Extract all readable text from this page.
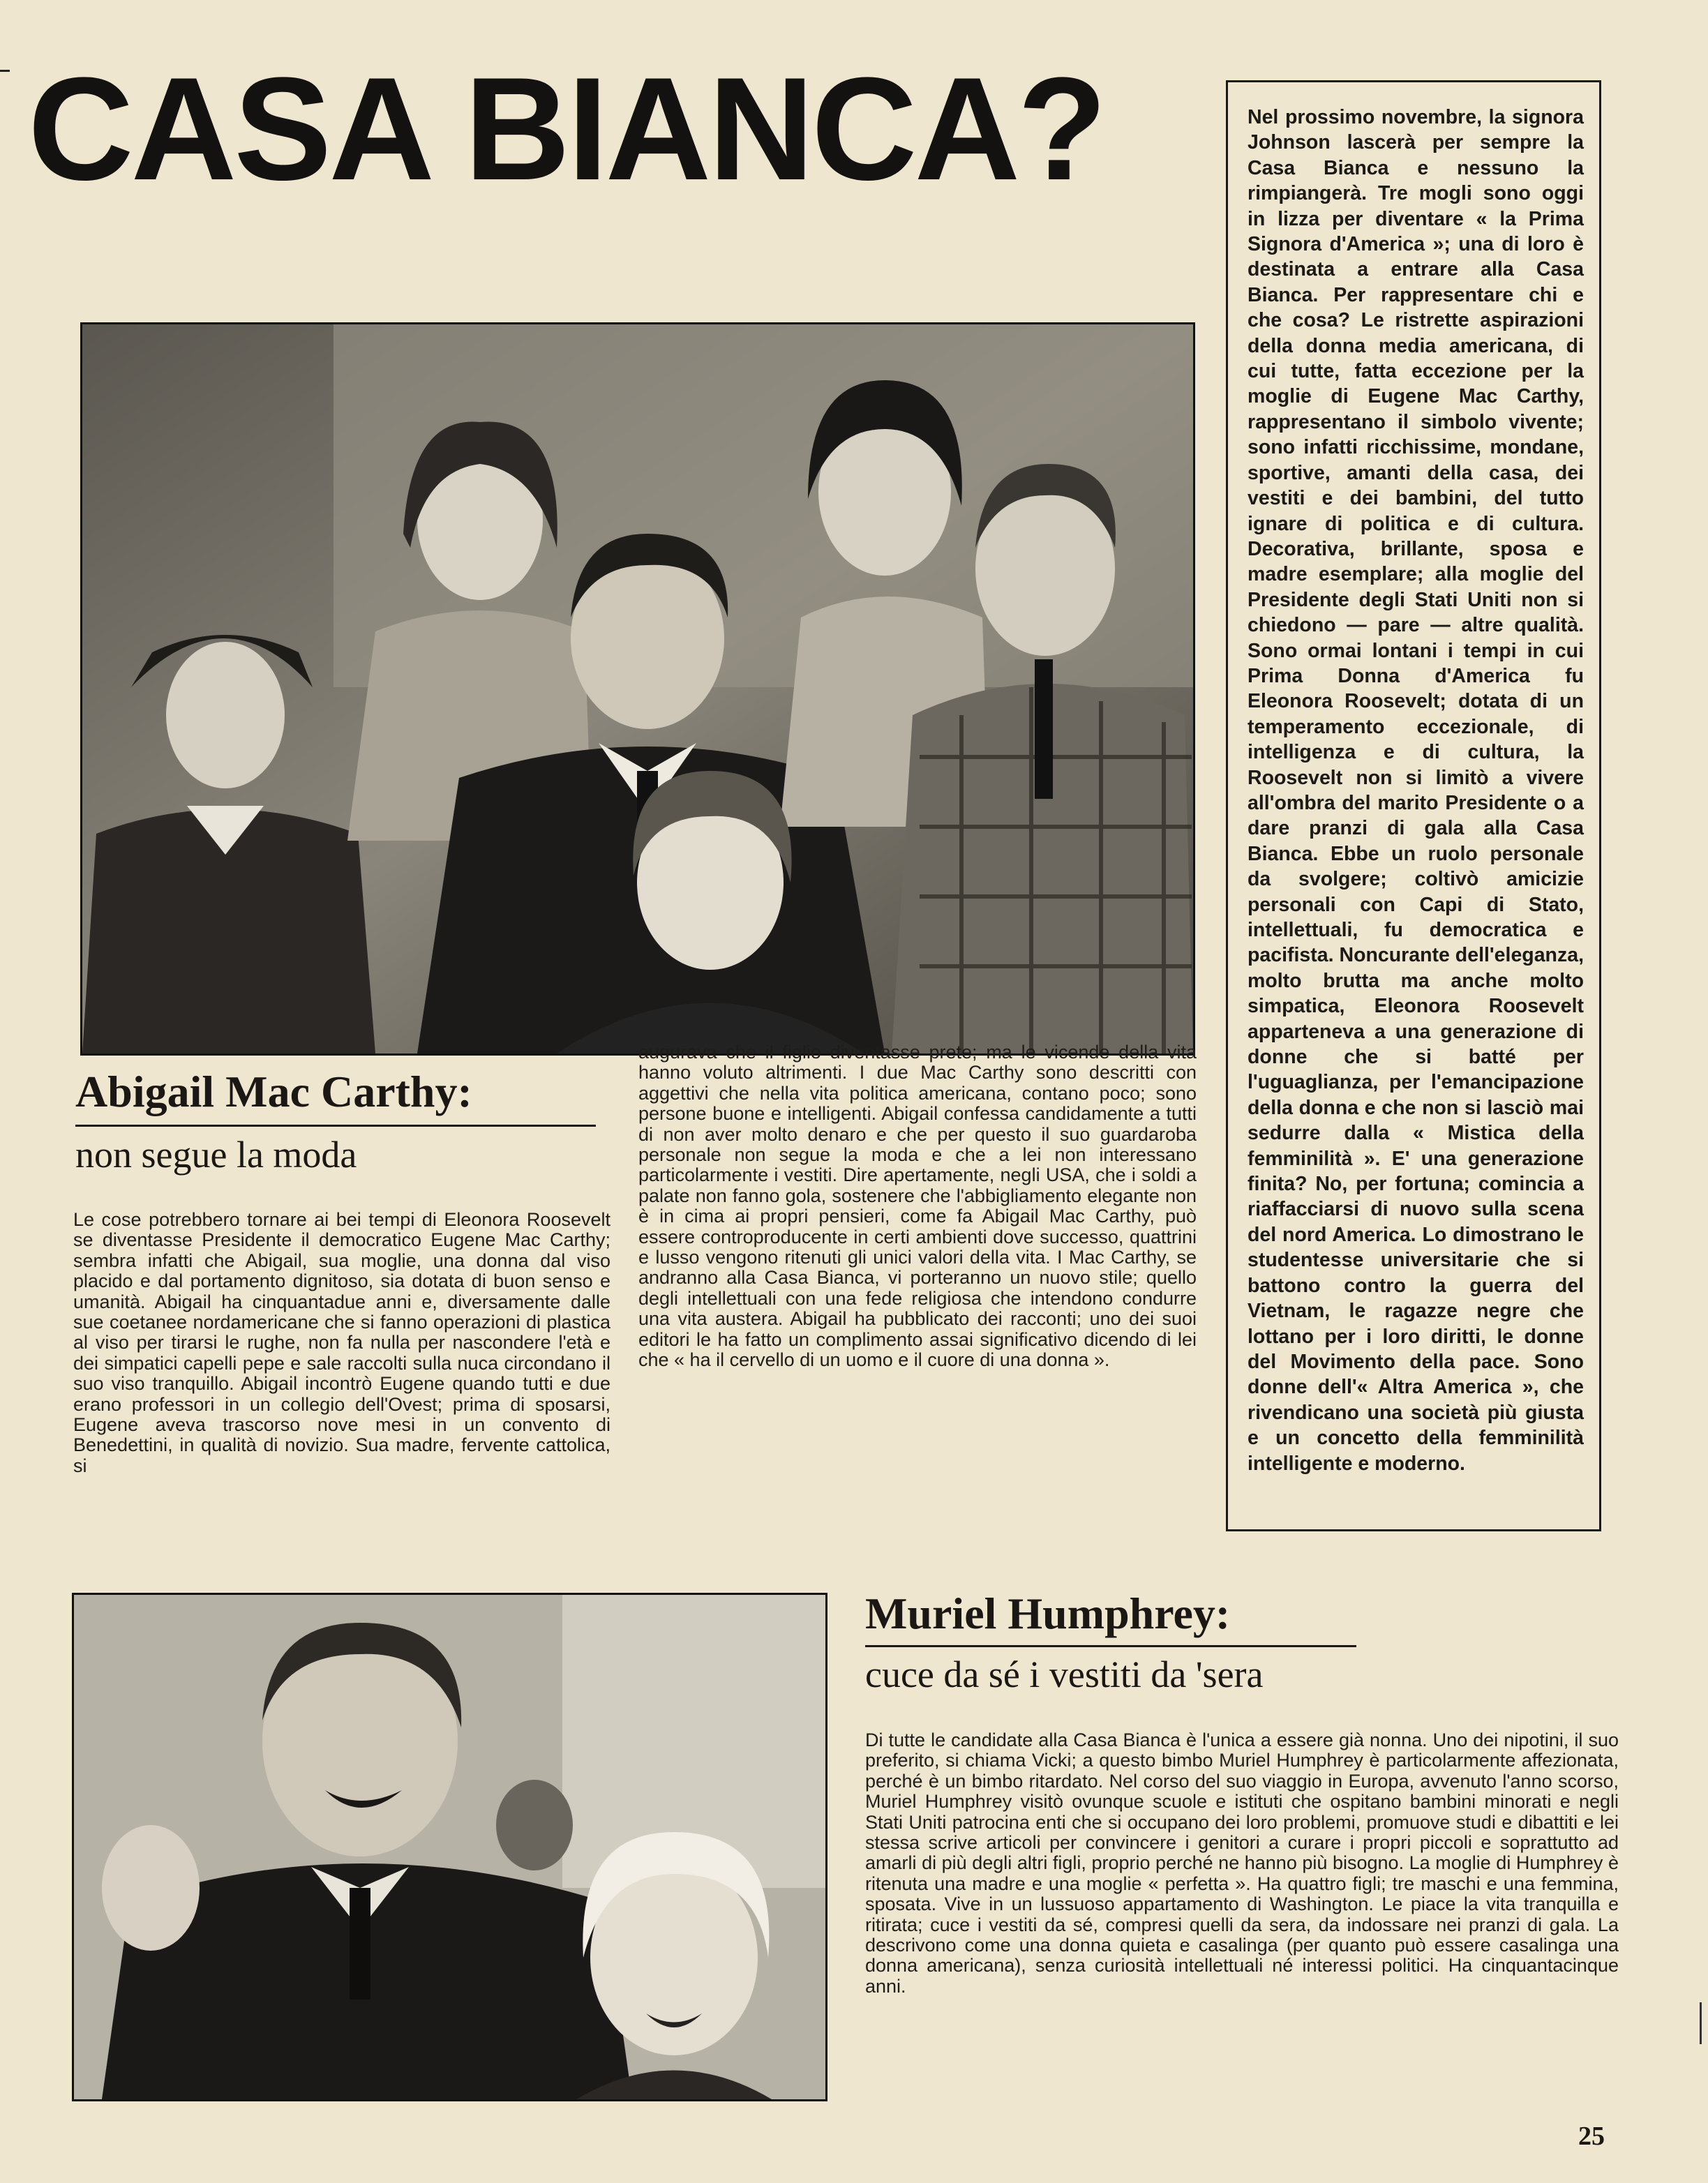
CASA BIANCA?	Nel prossimo novembre, la signora Johnson lascerà per sempre la Casa Bianca e nessuno la rimpiangerà. Tre mogli sono oggi in lizza per diventare « la Prima Signora d'America »; una di loro è destinata a entrare alla Casa Bianca. Per rappresentare chi e che cosa? Le ristrette aspirazioni della donna media americana, di cui tutte, fatta eccezione per la moglie di Eugene Mac Carthy, rappresentano il simbolo vivente; sono infatti ricchissime, mondane, sportive, amanti della casa, dei vestiti e dei bambini, del tutto ignare di politica e di cultura. Decorativa, brillante, sposa e madre esemplare; alla moglie del Presidente degli Stati Uniti non si chiedono — pare — altre qualità. Sono ormai lontani i tempi in cui Prima Donna d'America fu Eleonora Roosevelt; dotata di un temperamento eccezionale, di intelligenza e di cultura, la Roosevelt non si limitò a vivere all'ombra del marito Presidente o a dare pranzi di gala alla Casa Bianca. Ebbe un ruolo personale da svolgere; coltivò amicizie personali con Capi di Stato, intellettuali, fu democratica e pacifista. Noncurante dell'eleganza, molto brutta ma anche molto simpatica, Eleonora Roosevelt apparteneva a una generazione di donne che si batté per l'uguaglianza, per l'emancipazione della donna e che non si lasciò mai sedurre dalla « Mistica della femminilità ». E' una generazione finita? No, per fortuna; comincia a riaffacciarsi di nuovo sulla scena del nord America. Lo dimostrano le studentesse universitarie che si battono contro la guerra del Vietnam, le ragazze negre che lottano per i loro diritti, le donne del Movimento della pace. Sono donne dell'« Altra America », che rivendicano una società più giusta e un concetto della femminilità intelligente e moderno.
Abigail Mac Carthy:
non segue la moda
Le cose potrebbero tornare ai bei tempi di Eleonora Roosevelt se diventasse Presidente il democratico Eugene Mac Carthy; sembra infatti che Abigail, sua moglie, una donna dal viso placido e dal portamento dignitoso, sia dotata di buon senso e umanità. Abigail ha cinquantadue anni e, diversamente dalle sue coetanee nordamericane che si fanno operazioni di plastica al viso per tirarsi le rughe, non fa nulla per nascondere l'età e dei simpatici capelli pepe e sale raccolti sulla nuca circondano il suo viso tranquillo. Abigail incontrò Eugene quando tutti e due erano professori in un collegio dell'Ovest; prima di sposarsi, Eugene aveva trascorso nove mesi in un convento di Benedettini, in qualità di novizio. Sua madre, fervente cattolica, si
augurava che il figlio diventasse prete; ma le vicende della vita hanno voluto altrimenti. I due Mac Carthy sono descritti con aggettivi che nella vita politica americana, contano poco; sono persone buone e intelligenti. Abigail confessa candidamente a tutti di non aver molto denaro e che per questo il suo guardaroba personale non segue la moda e che a lei non interessano particolarmente i vestiti. Dire apertamente, negli USA, che i soldi a palate non fanno gola, sostenere che l'abbigliamento elegante non è in cima ai propri pensieri, come fa Abigail Mac Carthy, può essere controproducente in certi ambienti dove successo, quattrini e lusso vengono ritenuti gli unici valori della vita. I Mac Carthy, se andranno alla Casa Bianca, vi porteranno un nuovo stile; quello degli intellettuali con una fede religiosa che intendono condurre una vita austera. Abigail ha pubblicato dei racconti; uno dei suoi editori le ha fatto un complimento assai significativo dicendo di lei che « ha il cervello di un uomo e il cuore di una donna ».
Muriel Humphrey:
cuce da sé i vestiti da 'sera
Di tutte le candidate alla Casa Bianca è l'unica a essere già nonna. Uno dei nipotini, il suo preferito, si chiama Vicki; a questo bimbo Muriel Humphrey è particolarmente affezionata, perché è un bimbo ritardato. Nel corso del suo viaggio in Europa, avvenuto l'anno scorso, Muriel Humphrey visitò ovunque scuole e istituti che ospitano bambini minorati e negli Stati Uniti patrocina enti che si occupano dei loro problemi, promuove studi e dibattiti e lei stessa scrive articoli per convincere i genitori a curare i propri piccoli e soprattutto ad amarli di più degli altri figli, proprio perché ne hanno più bisogno. La moglie di Humphrey è ritenuta una madre e una moglie « perfetta ». Ha quattro figli; tre maschi e una femmina, sposata. Vive in un lussuoso appartamento di Washington. Le piace la vita tranquilla e ritirata; cuce i vestiti da sé, compresi quelli da sera, da indossare nei pranzi di gala. La descrivono come una donna quieta e casalinga (per quanto può essere casalinga una donna americana), senza curiosità intellettuali né interessi politici. Ha cinquantacinque anni.
25
